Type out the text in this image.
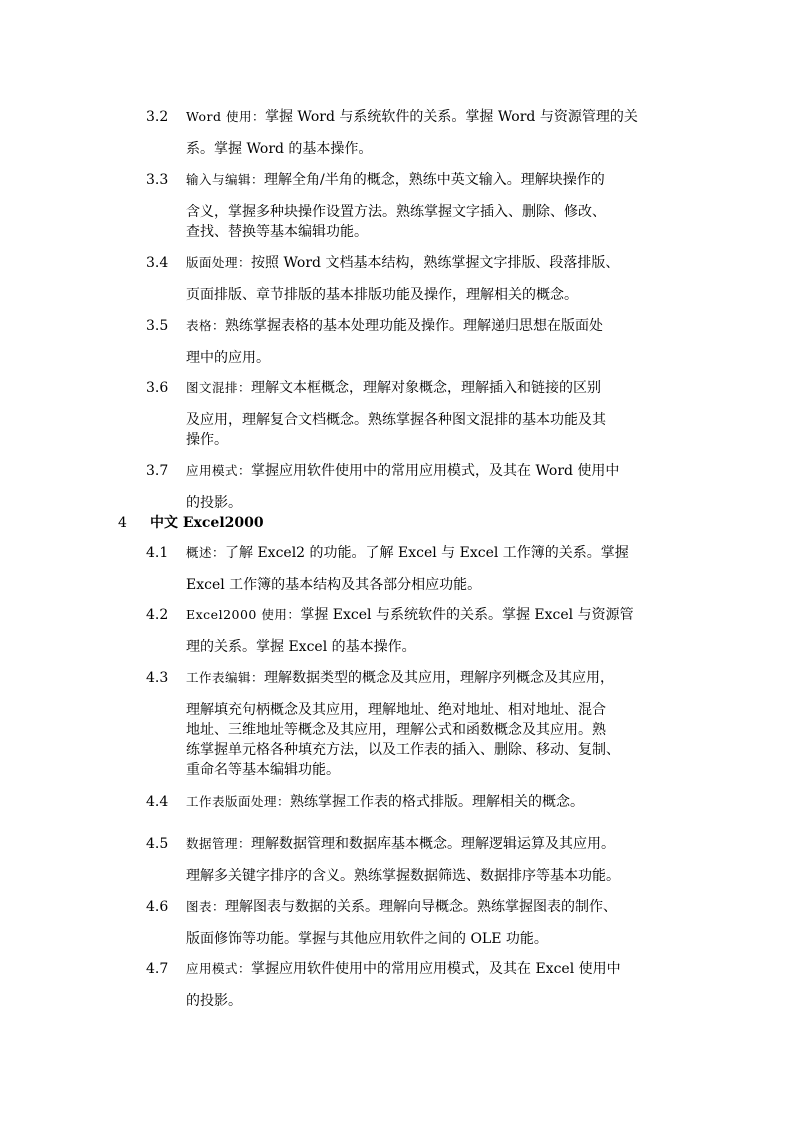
3.2 Word 使用：掌握 Word 与系统软件的关系。掌握 Word 与资源管理的关
系。掌握 Word 的基本操作。
3.3 输入与编辑：理解全角/半角的概念，熟练中英文输入。理解块操作的
含义，掌握多种块操作设置方法。熟练掌握文字插入、删除、修改、
查找、替换等基本编辑功能。
3.4 版面处理：按照 Word 文档基本结构，熟练掌握文字排版、段落排版、
页面排版、章节排版的基本排版功能及操作，理解相关的概念。
3.5 表格：熟练掌握表格的基本处理功能及操作。理解递归思想在版面处
理中的应用。
3.6 图文混排：理解文本框概念，理解对象概念，理解插入和链接的区别
及应用，理解复合文档概念。熟练掌握各种图文混排的基本功能及其
操作。
3.7 应用模式：掌握应用软件使用中的常用应用模式，及其在 Word 使用中
的投影。
4 中文 Excel2000
4.1 概述：了解 Excel2 的功能。了解 Excel 与 Excel 工作簿的关系。掌握
Excel 工作簿的基本结构及其各部分相应功能。
4.2 Excel2000 使用：掌握 Excel 与系统软件的关系。掌握 Excel 与资源管
理的关系。掌握 Excel 的基本操作。
4.3 工作表编辑：理解数据类型的概念及其应用，理解序列概念及其应用，
理解填充句柄概念及其应用，理解地址、绝对地址、相对地址、混合
地址、三维地址等概念及其应用，理解公式和函数概念及其应用。熟
练掌握单元格各种填充方法，以及工作表的插入、删除、移动、复制、
重命名等基本编辑功能。
4.4 工作表版面处理：熟练掌握工作表的格式排版。理解相关的概念。
4.5 数据管理：理解数据管理和数据库基本概念。理解逻辑运算及其应用。
理解多关键字排序的含义。熟练掌握数据筛选、数据排序等基本功能。
4.6 图表：理解图表与数据的关系。理解向导概念。熟练掌握图表的制作、
版面修饰等功能。掌握与其他应用软件之间的 OLE 功能。
4.7 应用模式：掌握应用软件使用中的常用应用模式，及其在 Excel 使用中
的投影。
